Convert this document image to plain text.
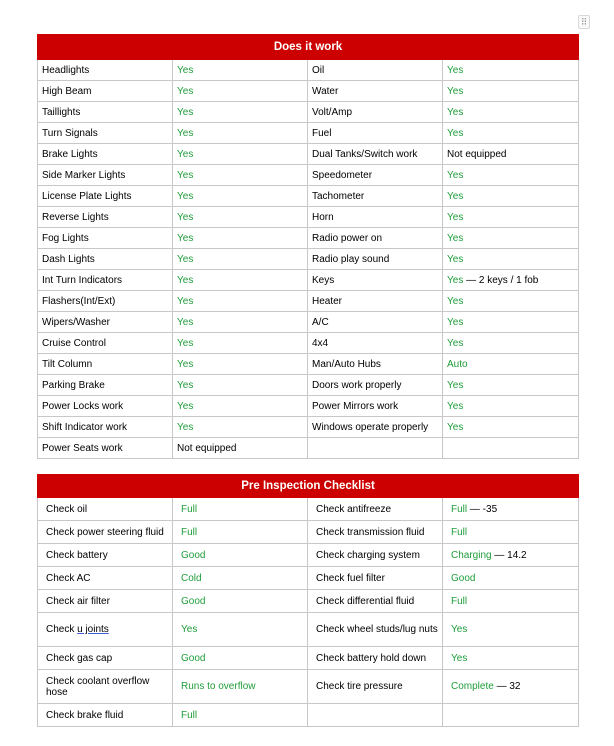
⠿
Does it work			
Headlights	Yes	Oil	Yes
High Beam	Yes	Water	Yes
Taillights	Yes	Volt/Amp	Yes
Turn Signals	Yes	Fuel	Yes
Brake Lights	Yes	Dual Tanks/Switch work	Not equipped
Side Marker Lights	Yes	Speedometer	Yes
License Plate Lights	Yes	Tachometer	Yes
Reverse Lights	Yes	Horn	Yes
Fog Lights	Yes	Radio power on	Yes
Dash Lights	Yes	Radio play sound	Yes
Int Turn Indicators	Yes	Keys	Yes — 2 keys / 1 fob
Flashers(Int/Ext)	Yes	Heater	Yes
Wipers/Washer	Yes	A/C	Yes
Cruise Control	Yes	4x4	Yes
Tilt Column	Yes	Man/Auto Hubs	Auto
Parking Brake	Yes	Doors work properly	Yes
Power Locks work	Yes	Power Mirrors work	Yes
Shift Indicator work	Yes	Windows operate properly	Yes
Power Seats work	Not equipped		
Pre Inspection Checklist			
Check oil	Full	Check antifreeze	Full — -35
Check power steering fluid	Full	Check transmission fluid	Full
Check battery	Good	Check charging system	Charging — 14.2
Check AC	Cold	Check fuel filter	Good
Check air filter	Good	Check differential fluid	Full
Check u joints	Yes	Check wheel studs/lug nuts	Yes
Check gas cap	Good	Check battery hold down	Yes
Check coolant overflow hose	Runs to overflow	Check tire pressure	Complete — 32
Check brake fluid	Full		
